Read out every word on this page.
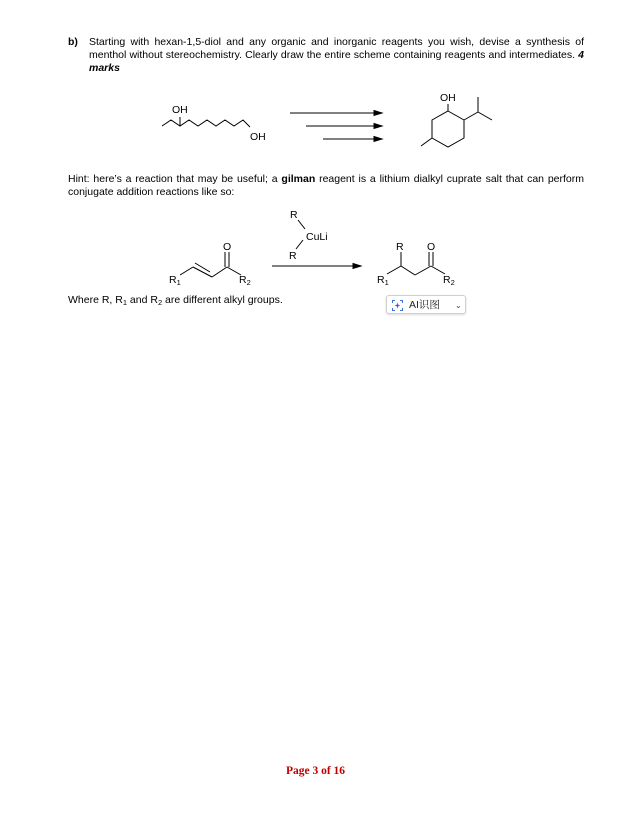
b) Starting with hexan-1,5-diol and any organic and inorganic reagents you wish, devise a synthesis of menthol without stereochemistry. Clearly draw the entire scheme containing reagents and intermediates. 4 marks
OH
OH
OH
O
R1	R2
R
CuLi
R
R O
R1	R2
Hint: here’s a reaction that may be useful; a gilman reagent is a lithium dialkyl cuprate salt that can perform conjugate addition reactions like so:
Where R, $R_1$ and $R_2$ are different alkyl groups.	AI识图 ⌄
Page 3 of 16
